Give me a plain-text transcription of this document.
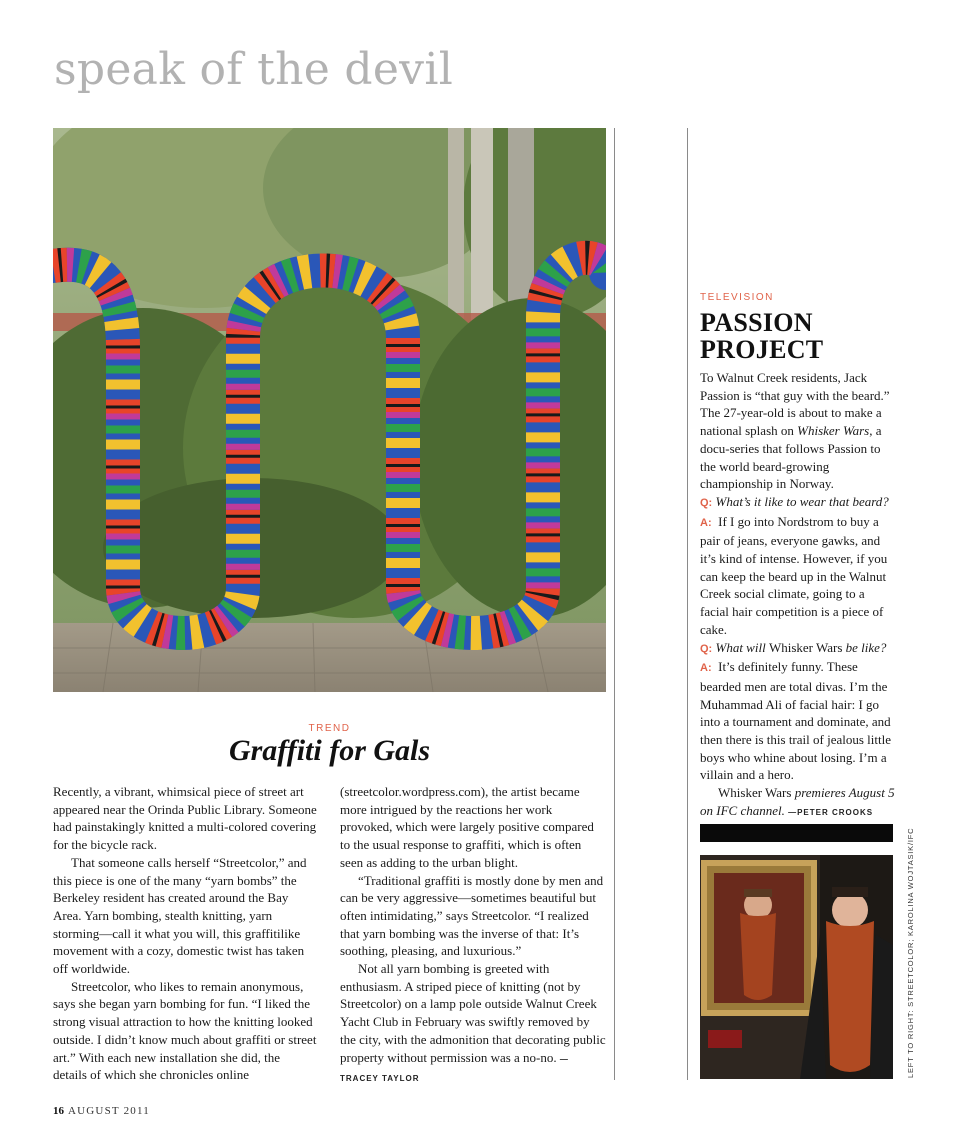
speak of the devil
TREND
Graffiti for Gals

Recently, a vibrant, whimsical piece of street art appeared near the Orinda Public Library. Someone had painstakingly knitted a multi-colored covering for the bicycle rack.

That someone calls herself “Streetcolor,” and this piece is one of the many “yarn bombs” the Berkeley resident has created around the Bay Area. Yarn bombing, stealth knitting, yarn storming—call it what you will, this graffitilike movement with a cozy, domestic twist has taken off worldwide.

Streetcolor, who likes to remain anonymous, says she began yarn bombing for fun. “I liked the strong visual attraction to how the knitting looked outside. I didn’t know much about graffiti or street art.” With each new installation she did, the details of which she chronicles online

(streetcolor.wordpress.com), the artist became more intrigued by the reactions her work provoked, which were largely positive compared to the usual response to graffiti, which is often seen as adding to the urban blight.

“Traditional graffiti is mostly done by men and can be very aggressive—sometimes beautiful but often intimidating,” says Streetcolor. “I realized that yarn bombing was the inverse of that: It’s soothing, pleasing, and luxurious.”

Not all yarn bombing is greeted with enthusiasm. A striped piece of knitting (not by Streetcolor) on a lamp pole outside Walnut Creek Yacht Club in February was swiftly removed by the city, with the admonition that decorating public property without permission was a no-no. —TRACEY TAYLOR

TELEVISION
PASSION
PROJECT

To Walnut Creek residents, Jack Passion is “that guy with the beard.” The 27-year-old is about to make a national splash on Whisker Wars, a docu-series that follows Passion to the world beard-growing championship in Norway.

Q: What’s it like to wear that beard?

A: If I go into Nordstrom to buy a pair of jeans, everyone gawks, and it’s kind of intense. However, if you can keep the beard up in the Walnut Creek social climate, going to a facial hair competition is a piece of cake.

Q: What will Whisker Wars be like?

A: It’s definitely funny. These bearded men are total divas. I’m the Muhammad Ali of facial hair: I go into a tournament and dominate, and then there is this trail of jealous little boys who whine about losing. I’m a villain and a hero.

Whisker Wars premieres August 5 on IFC channel. —PETER CROOKS

LEFT TO RIGHT: STREETCOLOR; KAROLINA WOJTASIK/IFC
16 AUGUST 2011
